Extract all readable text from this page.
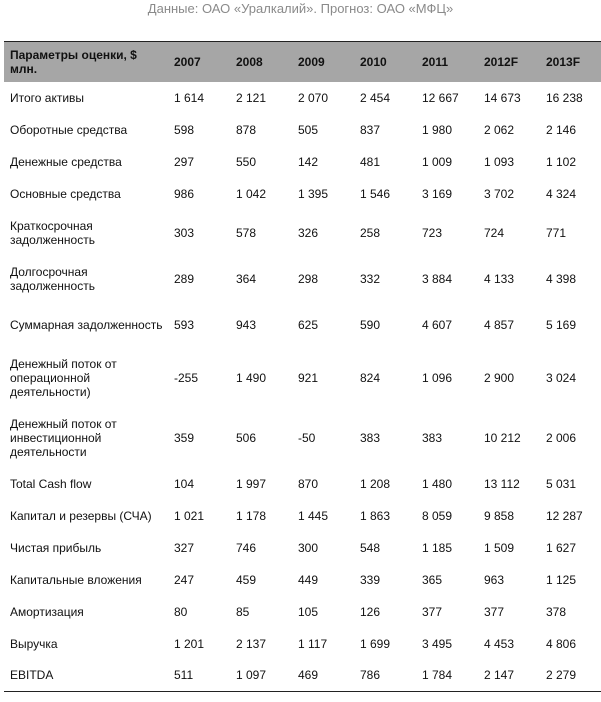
Данные: ОАО «Уралкалий». Прогноз: ОАО «МФЦ»
Параметры оценки, $ млн.	2007	2008	2009	2010	2011	2012F	2013F
Итого активы	1 614	2 121	2 070	2 454	12 667	14 673	16 238
Оборотные средства	598	878	505	837	1 980	2 062	2 146
Денежные средства	297	550	142	481	1 009	1 093	1 102
Основные средства	986	1 042	1 395	1 546	3 169	3 702	4 324
Краткосрочная задолженность	303	578	326	258	723	724	771
Долгосрочная задолженность	289	364	298	332	3 884	4 133	4 398
Суммарная задолженность	593	943	625	590	4 607	4 857	5 169
Денежный поток от операционной деятельности)	-255	1 490	921	824	1 096	2 900	3 024
Денежный поток от инвестиционной деятельности	359	506	-50	383	383	10 212	2 006
Total Cash flow	104	1 997	870	1 208	1 480	13 112	5 031
Капитал и резервы (СЧА)	1 021	1 178	1 445	1 863	8 059	9 858	12 287
Чистая прибыль	327	746	300	548	1 185	1 509	1 627
Капитальные вложения	247	459	449	339	365	963	1 125
Амортизация	80	85	105	126	377	377	378
Выручка	1 201	2 137	1 117	1 699	3 495	4 453	4 806
EBITDA	511	1 097	469	786	1 784	2 147	2 279
